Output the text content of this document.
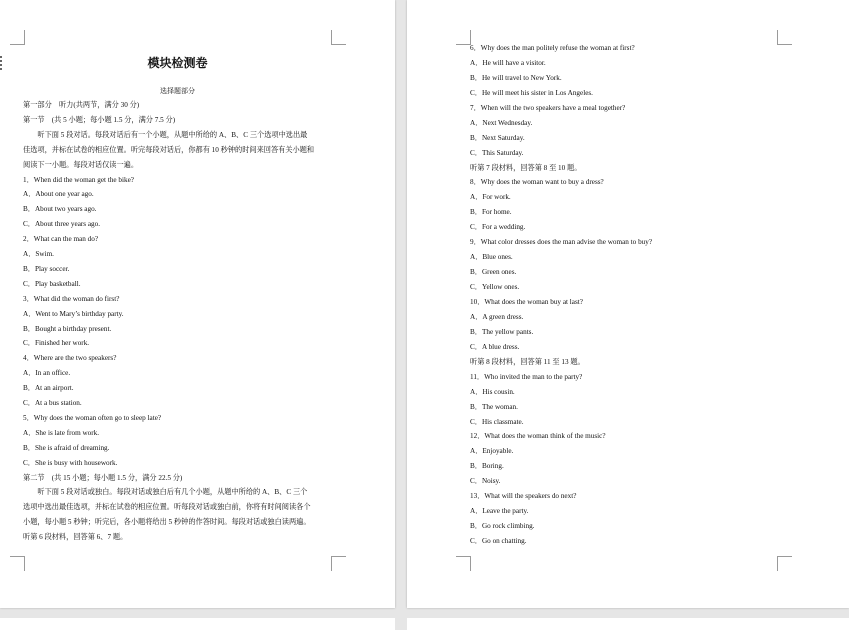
模块检测卷
选择题部分
第一部分　听力(共两节，满分 30 分)
第一节　(共 5 小题；每小题 1.5 分，满分 7.5 分)
　　听下面 5 段对话。每段对话后有一个小题，从题中所给的 A、B、C 三个选项中选出最
佳选项，并标在试卷的相应位置。听完每段对话后，你都有 10 秒钟的时间来回答有关小题和
阅读下一小题。每段对话仅读一遍。
1．When did the woman get the bike?
A．About one year ago.
B．About two years ago.
C．About three years ago.
2．What can the man do?
A．Swim.
B．Play soccer.
C．Play basketball.
3．What did the woman do first?
A．Went to Mary’s birthday party.
B．Bought a birthday present.
C．Finished her work.
4．Where are the two speakers?
A．In an office.
B．At an airport.
C．At a bus station.
5．Why does the woman often go to sleep late?
A．She is late from work.
B．She is afraid of dreaming.
C．She is busy with housework.
第二节　(共 15 小题；每小题 1.5 分，满分 22.5 分)
　　听下面 5 段对话或独白。每段对话或独白后有几个小题，从题中所给的 A、B、C 三个
选项中选出最佳选项，并标在试卷的相应位置。听每段对话或独白前，你将有时间阅读各个
小题，每小题 5 秒钟；听完后，各小题将给出 5 秒钟的作答时间。每段对话或独白读两遍。
听第 6 段材料，回答第 6、7 题。
6．Why does the man politely refuse the woman at first?
A．He will have a visitor.
B．He will travel to New York.
C．He will meet his sister in Los Angeles.
7．When will the two speakers have a meal together?
A．Next Wednesday.
B．Next Saturday.
C．This Saturday.
听第 7 段材料，回答第 8 至 10 题。
8．Why does the woman want to buy a dress?
A．For work.
B．For home.
C．For a wedding.
9．What color dresses does the man advise the woman to buy?
A．Blue ones.
B．Green ones.
C．Yellow ones.
10．What does the woman buy at last?
A．A green dress.
B．The yellow pants.
C．A blue dress.
听第 8 段材料，回答第 11 至 13 题。
11．Who invited the man to the party?
A．His cousin.
B．The woman.
C．His classmate.
12．What does the woman think of the music?
A．Enjoyable.
B．Boring.
C．Noisy.
13．What will the speakers do next?
A．Leave the party.
B．Go rock climbing.
C．Go on chatting.
